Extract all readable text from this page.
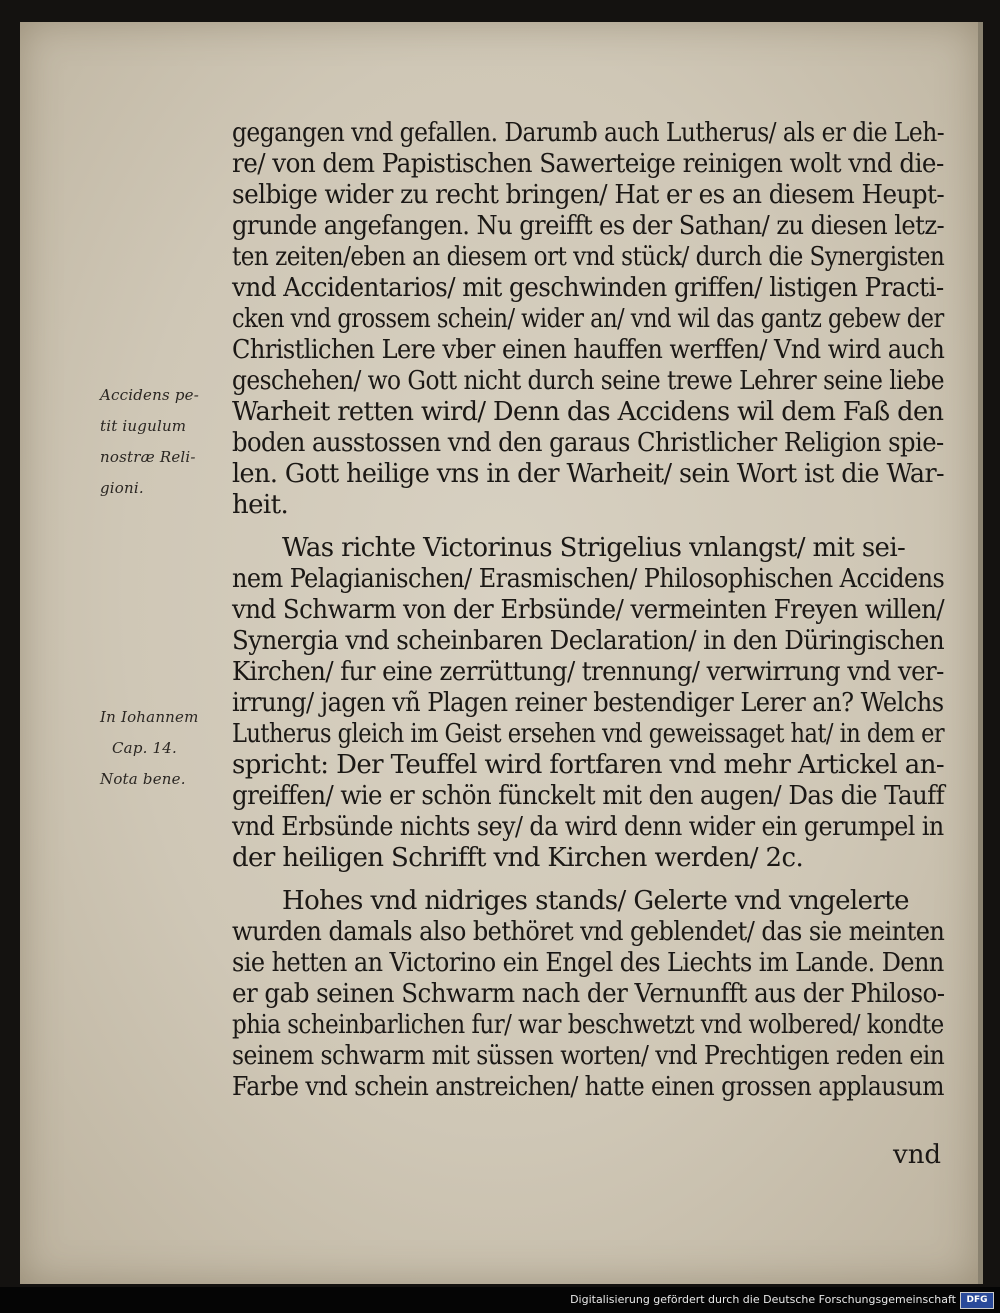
Accidens pe-
tit iugulum
nostræ Reli-
gioni.
In Iohannem
Cap. 14.
Nota bene.

gegangen vnd gefallen. Darumb auch Lutherus/ als er die Leh-

re/ von dem Papistischen Sawerteige reinigen wolt vnd die-

selbige wider zu recht bringen/ Hat er es an diesem Heupt-

grunde angefangen. Nu greifft es der Sathan/ zu diesen letz-

ten zeiten/eben an diesem ort vnd stück/ durch die Synergisten

vnd Accidentarios/ mit geschwinden griffen/ listigen Practi-

cken vnd grossem schein/ wider an/ vnd wil das gantz gebew der

Christlichen Lere vber einen hauffen werffen/ Vnd wird auch

geschehen/ wo Gott nicht durch seine trewe Lehrer seine liebe

Warheit retten wird/ Denn das Accidens wil dem Faß den

boden ausstossen vnd den garaus Christlicher Religion spie-

len. Gott heilige vns in der Warheit/ sein Wort ist die War-

heit.

Was richte Victorinus Strigelius vnlangst/ mit sei-

nem Pelagianischen/ Erasmischen/ Philosophischen Accidens

vnd Schwarm von der Erbsünde/ vermeinten Freyen willen/

Synergia vnd scheinbaren Declaration/ in den Düringischen

Kirchen/ fur eine zerrüttung/ trennung/ verwirrung vnd ver-

irrung/ jagen vñ Plagen reiner bestendiger Lerer an? Welchs

Lutherus gleich im Geist ersehen vnd geweissaget hat/ in dem er

spricht: Der Teuffel wird fortfaren vnd mehr Artickel an-

greiffen/ wie er schön fünckelt mit den augen/ Das die Tauff

vnd Erbsünde nichts sey/ da wird denn wider ein gerumpel in

der heiligen Schrifft vnd Kirchen werden/ 2c.

Hohes vnd nidriges stands/ Gelerte vnd vngelerte

wurden damals also bethöret vnd geblendet/ das sie meinten

sie hetten an Victorino ein Engel des Liechts im Lande. Denn

er gab seinen Schwarm nach der Vernunfft aus der Philoso-

phia scheinbarlichen fur/ war beschwetzt vnd wolbered/ kondte

seinem schwarm mit süssen worten/ vnd Prechtigen reden ein

Farbe vnd schein anstreichen/ hatte einen grossen applausum

vnd
Digitalisierung gefördert durch die Deutsche Forschungsgemeinschaft	DFG
